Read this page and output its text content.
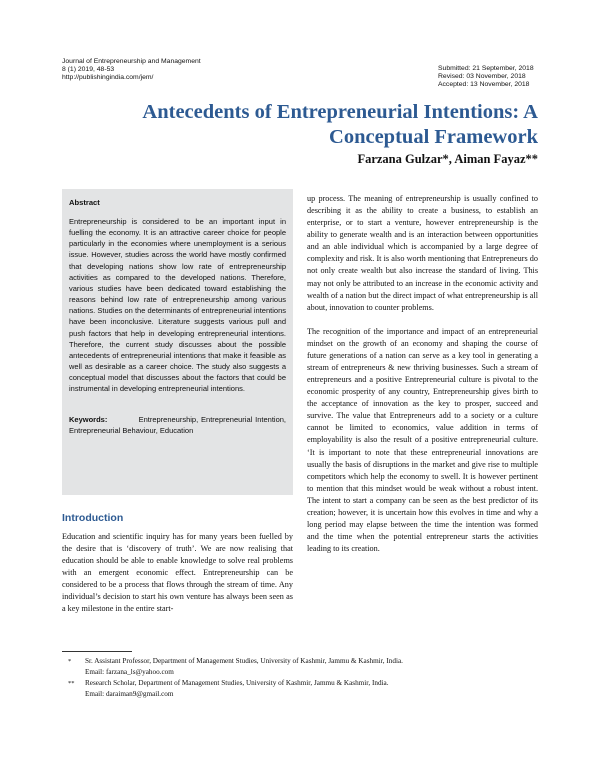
Journal of Entrepreneurship and Management
8 (1) 2019, 48-53
http://publishingindia.com/jem/
Submitted: 21 September, 2018
Revised: 03 November, 2018
Accepted: 13 November, 2018
Antecedents of Entrepreneurial Intentions: A Conceptual Framework
Farzana Gulzar*, Aiman Fayaz**
Abstract

Entrepreneurship is considered to be an important input in fuelling the economy. It is an attractive career choice for people particularly in the economies where unemployment is a serious issue. However, studies across the world have mostly confirmed that developing nations show low rate of entrepreneurship activities as compared to the developed nations. Therefore, various studies have been dedicated toward establishing the reasons behind low rate of entrepreneurship among various nations. Studies on the determinants of entrepreneurial intentions have been inconclusive. Literature suggests various pull and push factors that help in developing entrepreneurial intentions. Therefore, the current study discusses about the possible antecedents of entrepreneurial intentions that make it feasible as well as desirable as a career choice. The study also suggests a conceptual model that discusses about the factors that could be instrumental in developing entrepreneurial intentions.

Keywords:	Entrepreneurship, Entrepreneurial Intention, Entrepreneurial Behaviour, Education

Introduction

Education and scientific inquiry has for many years been fuelled by the desire that is ‘discovery of truth’. We are now realising that education should be able to enable knowledge to solve real problems with an emergent economic effect. Entrepreneurship can be considered to be a process that flows through the stream of time. Any individual’s decision to start his own venture has always been seen as a key milestone in the entire start-

up process. The meaning of entrepreneurship is usually confined to describing it as the ability to create a business, to establish an enterprise, or to start a venture, however entrepreneurship is the ability to generate wealth and is an interaction between opportunities and an able individual which is accompanied by a large degree of complexity and risk. It is also worth mentioning that Entrepreneurs do not only create wealth but also increase the standard of living. This may not only be attributed to an increase in the economic activity and wealth of a nation but the direct impact of what entrepreneurship is all about, innovation to counter problems.

The recognition of the importance and impact of an entrepreneurial mindset on the growth of an economy and shaping the course of future generations of a nation can serve as a key tool in generating a stream of entrepreneurs & new thriving businesses. Such a stream of entrepreneurs and a positive Entrepreneurial culture is pivotal to the economic prosperity of any country, Entrepreneurship gives birth to the acceptance of innovation as the key to prosper, succeed and survive. The value that Entrepreneurs add to a society or a culture cannot be limited to economics, value addition in terms of employability is also the result of a positive entrepreneurial culture. ‘It is important to note that these entrepreneurial innovations are usually the basis of disruptions in the market and give rise to multiple competitors which help the economy to swell. It is however pertinent to mention that this mindset would be weak without a robust intent. The intent to start a company can be seen as the best predictor of its creation; however, it is uncertain how this evolves in time and why a long period may elapse between the time the intention was formed and the time when the potential entrepreneur starts the activities leading to its creation.

*	Sr. Assistant Professor, Department of Management Studies, University of Kashmir, Jammu & Kashmir, India.
Email: farzana_ls@yahoo.com
**	Research Scholar, Department of Management Studies, University of Kashmir, Jammu & Kashmir, India.
Email: daraiman9@gmail.com
